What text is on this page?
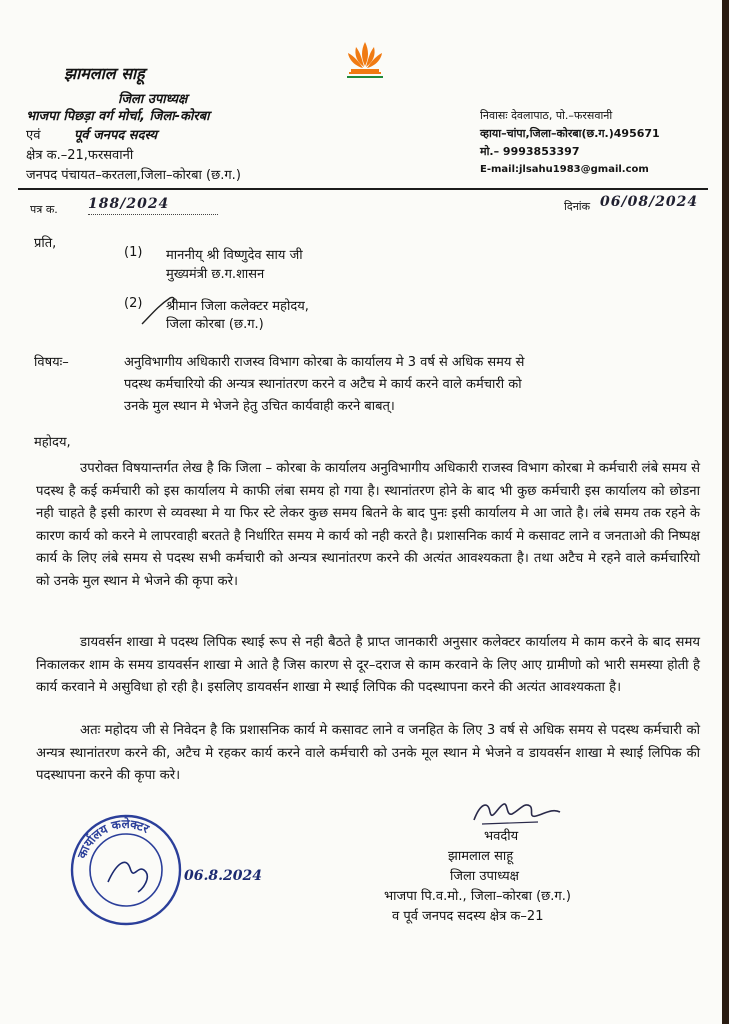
झामलाल साहू
जिला उपाध्यक्ष
भाजपा पिछड़ा वर्ग मोर्चा, जिला-कोरबा
एवं	पूर्व जनपद सदस्य
क्षेत्र क.–21,फरसवानी
जनपद पंचायत–करतला,जिला–कोरबा (छ.ग.)
निवासः देवलापाठ, पो.–फरसवानी
व्हाया–चांपा,जिला–कोरबा(छ.ग.)495671
मो.– 9993853397
E-mail:jlsahu1983@gmail.com
पत्र क. 188/2024	दिनांक 06/08/2024
प्रति,
(1) माननीय् श्री विष्णुदेव साय जी
मुख्यमंत्री छ.ग.शासन
(2) श्रीमान जिला कलेक्टर महोदय,
जिला कोरबा (छ.ग.)
विषयः–	अनुविभागीय अधिकारी राजस्व विभाग कोरबा के कार्यालय मे 3 वर्ष से अधिक समय से
पदस्थ कर्मचारियो की अन्यत्र स्थानांतरण करने व अटैच मे कार्य करने वाले कर्मचारी को
उनके मुल स्थान मे भेजने हेतु उचित कार्यवाही करने बाबत्।
महोदय,
उपरोक्त विषयान्तर्गत लेख है कि जिला – कोरबा के कार्यालय अनुविभागीय अधिकारी राजस्व विभाग कोरबा मे कर्मचारी लंबे समय से पदस्थ है कई कर्मचारी को इस कार्यालय मे काफी लंबा समय हो गया है। स्थानांतरण होने के बाद भी कुछ कर्मचारी इस कार्यालय को छोडना नही चाहते है इसी कारण से व्यवस्था मे या फिर स्टे लेकर कुछ समय बितने के बाद पुनः इसी कार्यालय मे आ जाते है। लंबे समय तक रहने के कारण कार्य को करने मे लापरवाही बरतते है निर्धारित समय मे कार्य को नही करते है। प्रशासनिक कार्य मे कसावट लाने व जनताओ की निष्पक्ष कार्य के लिए लंबे समय से पदस्थ सभी कर्मचारी को अन्यत्र स्थानांतरण करने की अत्यंत आवश्यकता है। तथा अटैच मे रहने वाले कर्मचारियो को उनके मुल स्थान मे भेजने की कृपा करे।
डायवर्सन शाखा मे पदस्थ लिपिक स्थाई रूप से नही बैठते है प्राप्त जानकारी अनुसार कलेक्टर कार्यालय मे काम करने के बाद समय निकालकर शाम के समय डायवर्सन शाखा मे आते है जिस कारण से दूर–दराज से काम करवाने के लिए आए ग्रामीणो को भारी समस्या होती है कार्य करवाने मे असुविधा हो रही है। इसलिए डायवर्सन शाखा मे स्थाई लिपिक की पदस्थापना करने की अत्यंत आवश्यकता है।
अतः महोदय जी से निवेदन है कि प्रशासनिक कार्य मे कसावट लाने व जनहित के लिए 3 वर्ष से अधिक समय से पदस्थ कर्मचारी को अन्यत्र स्थानांतरण करने की, अटैच मे रहकर कार्य करने वाले कर्मचारी को उनके मूल स्थान मे भेजने व डायवर्सन शाखा मे स्थाई लिपिक की पदस्थापना करने की कृपा करे।
भवदीय
झामलाल साहू
जिला उपाध्यक्ष
भाजपा पि.व.मो., जिला–कोरबा (छ.ग.)
व पूर्व जनपद सदस्य क्षेत्र क–21
कार्यालय कलेक्टर
06.8.2024
